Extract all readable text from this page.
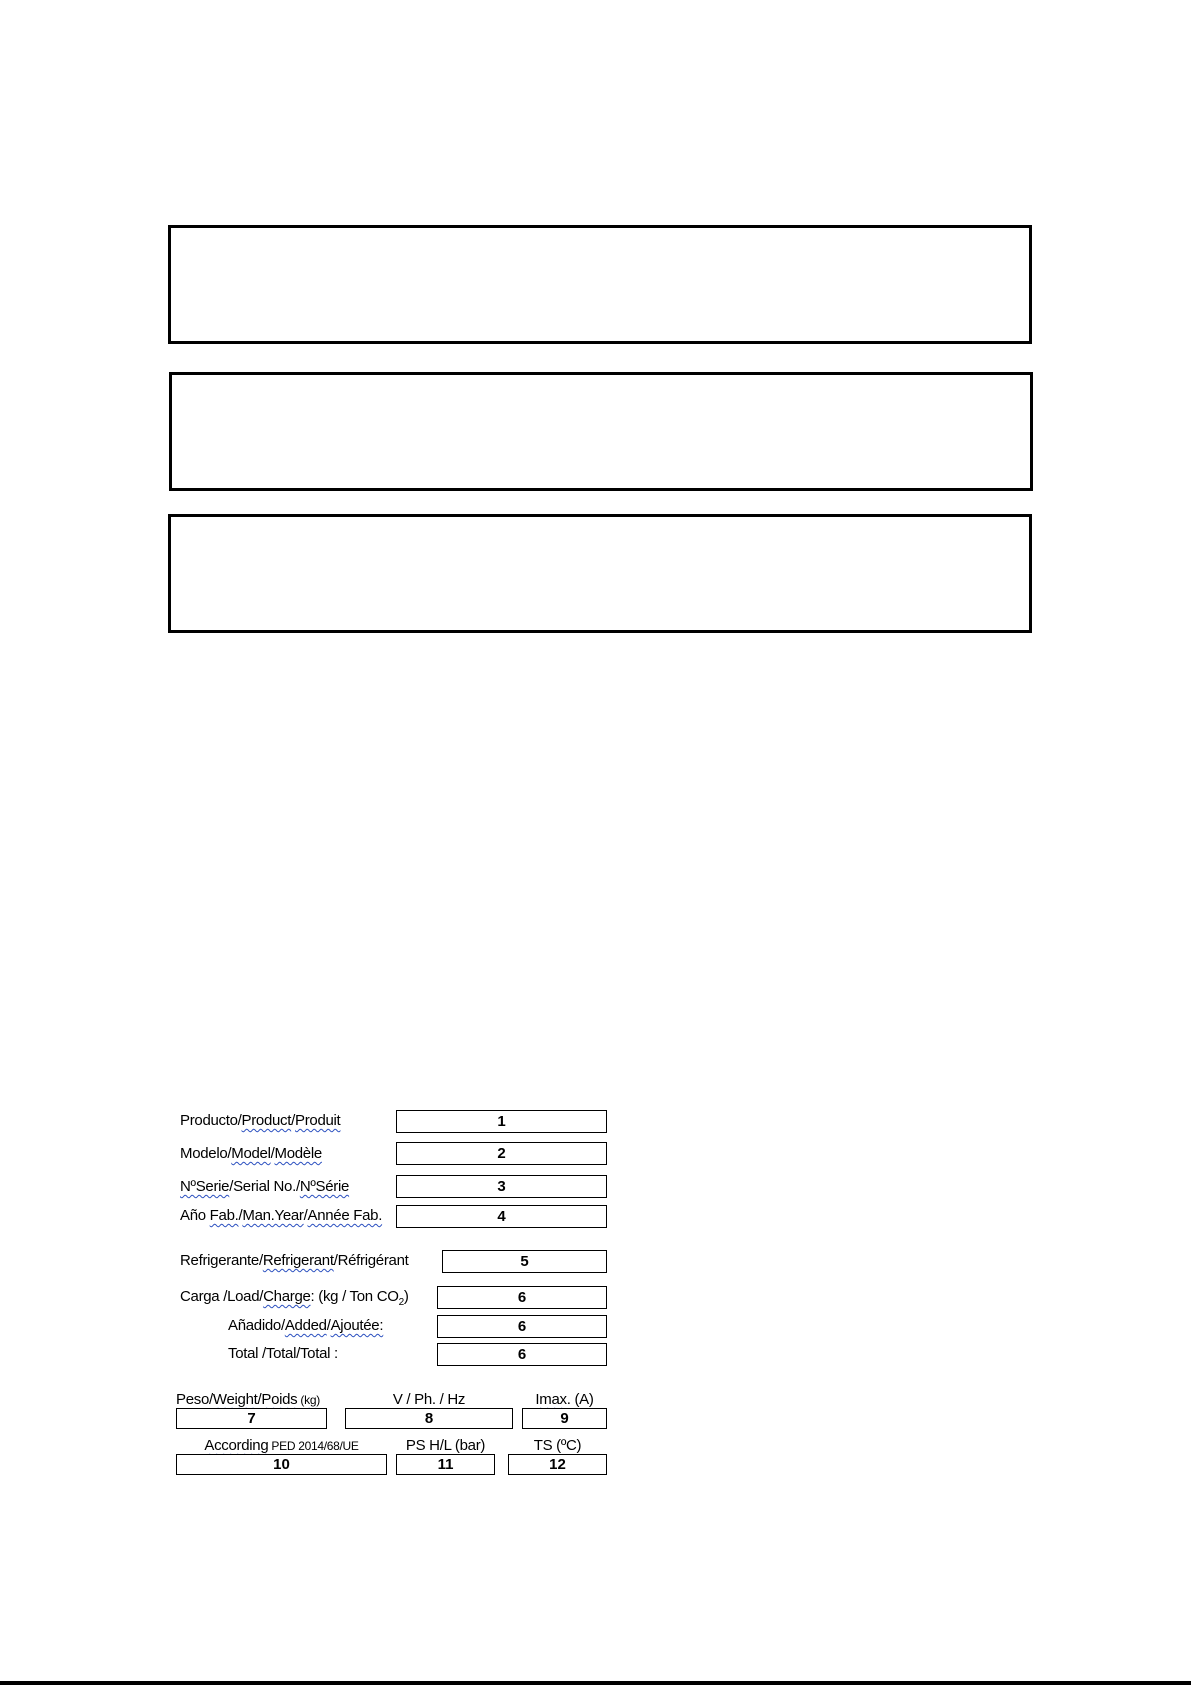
Producto/Product/Produit	1
Modelo/Model/Modèle	2
NºSerie/Serial No./NºSérie	3
Año Fab./Man.Year/Année Fab.	4
Refrigerante/Refrigerant/Réfrigérant	5
Carga /Load/Charge: (kg / Ton $CO_2$)	6
Añadido/Added/Ajoutée:	6
Total /Total/Total :	6
Peso/Weight/Poids (kg)	V / Ph. / Hz	Imax. (A)
7	8	9
According PED 2014/68/UE	PS H/L (bar)	TS (ºC)
10	11	12
